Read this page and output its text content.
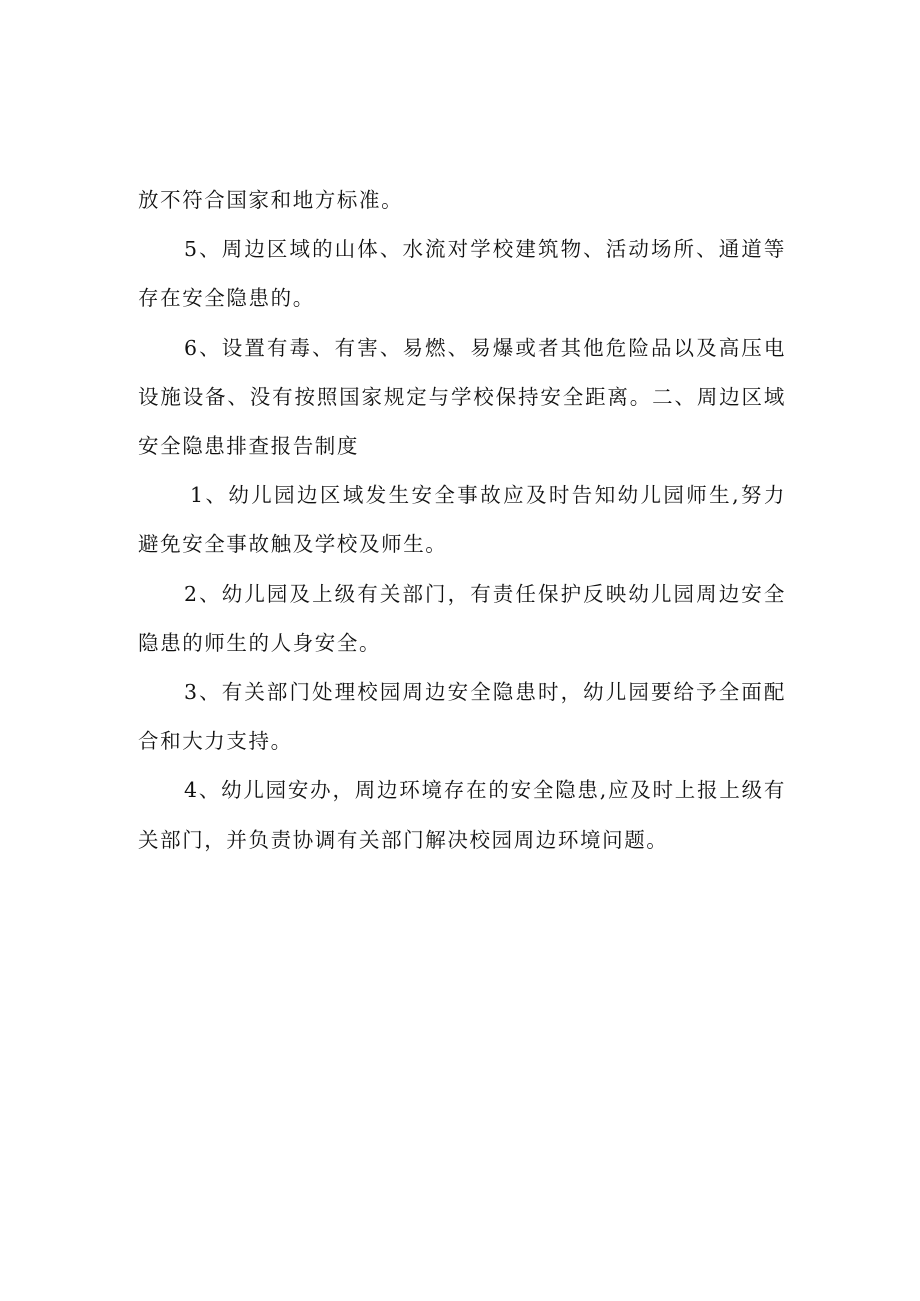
放不符合国家和地方标准。

5、周边区域的山体、水流对学校建筑物、活动场所、通道等存在安全隐患的。

6、设置有毒、有害、易燃、易爆或者其他危险品以及高压电设施设备、没有按照国家规定与学校保持安全距离。二、周边区域安全隐患排查报告制度

1、幼儿园边区域发生安全事故应及时告知幼儿园师生,努力避免安全事故触及学校及师生。

2、幼儿园及上级有关部门，有责任保护反映幼儿园周边安全隐患的师生的人身安全。

3、有关部门处理校园周边安全隐患时，幼儿园要给予全面配合和大力支持。

4、幼儿园安办，周边环境存在的安全隐患,应及时上报上级有关部门，并负责协调有关部门解决校园周边环境问题。
